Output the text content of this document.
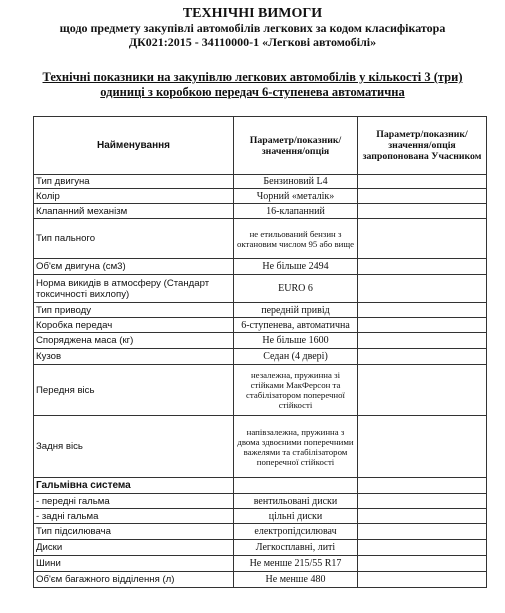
ТЕХНІЧНІ ВИМОГИ
щодо предмету закупівлі автомобілів легкових за кодом класифікатора
ДК021:2015 - 34110000-1 «Легкові автомобілі»
Технічні показники на закупівлю легкових автомобілів у кількості 3 (три)
одиниці з коробкою передач 6-ступенева автоматична
Найменування	Параметр/показник/ значення/опція	Параметр/показник/ значення/опція запропонована Учасником
Тип двигуна	Бензиновий L4	
Колір	Чорний «металік»	
Клапанний механізм	16-клапанний	
Тип пального	не етильований бензин з октановим числом 95 або вище	
Об'єм двигуна (см3)	Не більше 2494	
Норма викидів в атмосферу (Стандарт токсичності вихлопу)	EURO 6	
Тип приводу	передній привід	
Коробка передач	6-ступенева, автоматична	
Споряджена маса (кг)	Не більше 1600	
Кузов	Седан (4 двері)	
Передня вісь	незалежна, пружинна зі стійками МакФерсон та стабілізатором поперечної стійкості	
Задня вісь	напівзалежна, пружинна з двома здвоєними поперечними важелями та стабілізатором поперечної стійкості	
Гальмівна система		
- передні гальма	вентильовані диски	
- задні гальма	цільні диски	
Тип підсилювача	електропідсилювач	
Диски	Легкосплавні, литі	
Шини	Не менше 215/55 R17	
Об'єм багажного відділення (л)	Не менше 480	
